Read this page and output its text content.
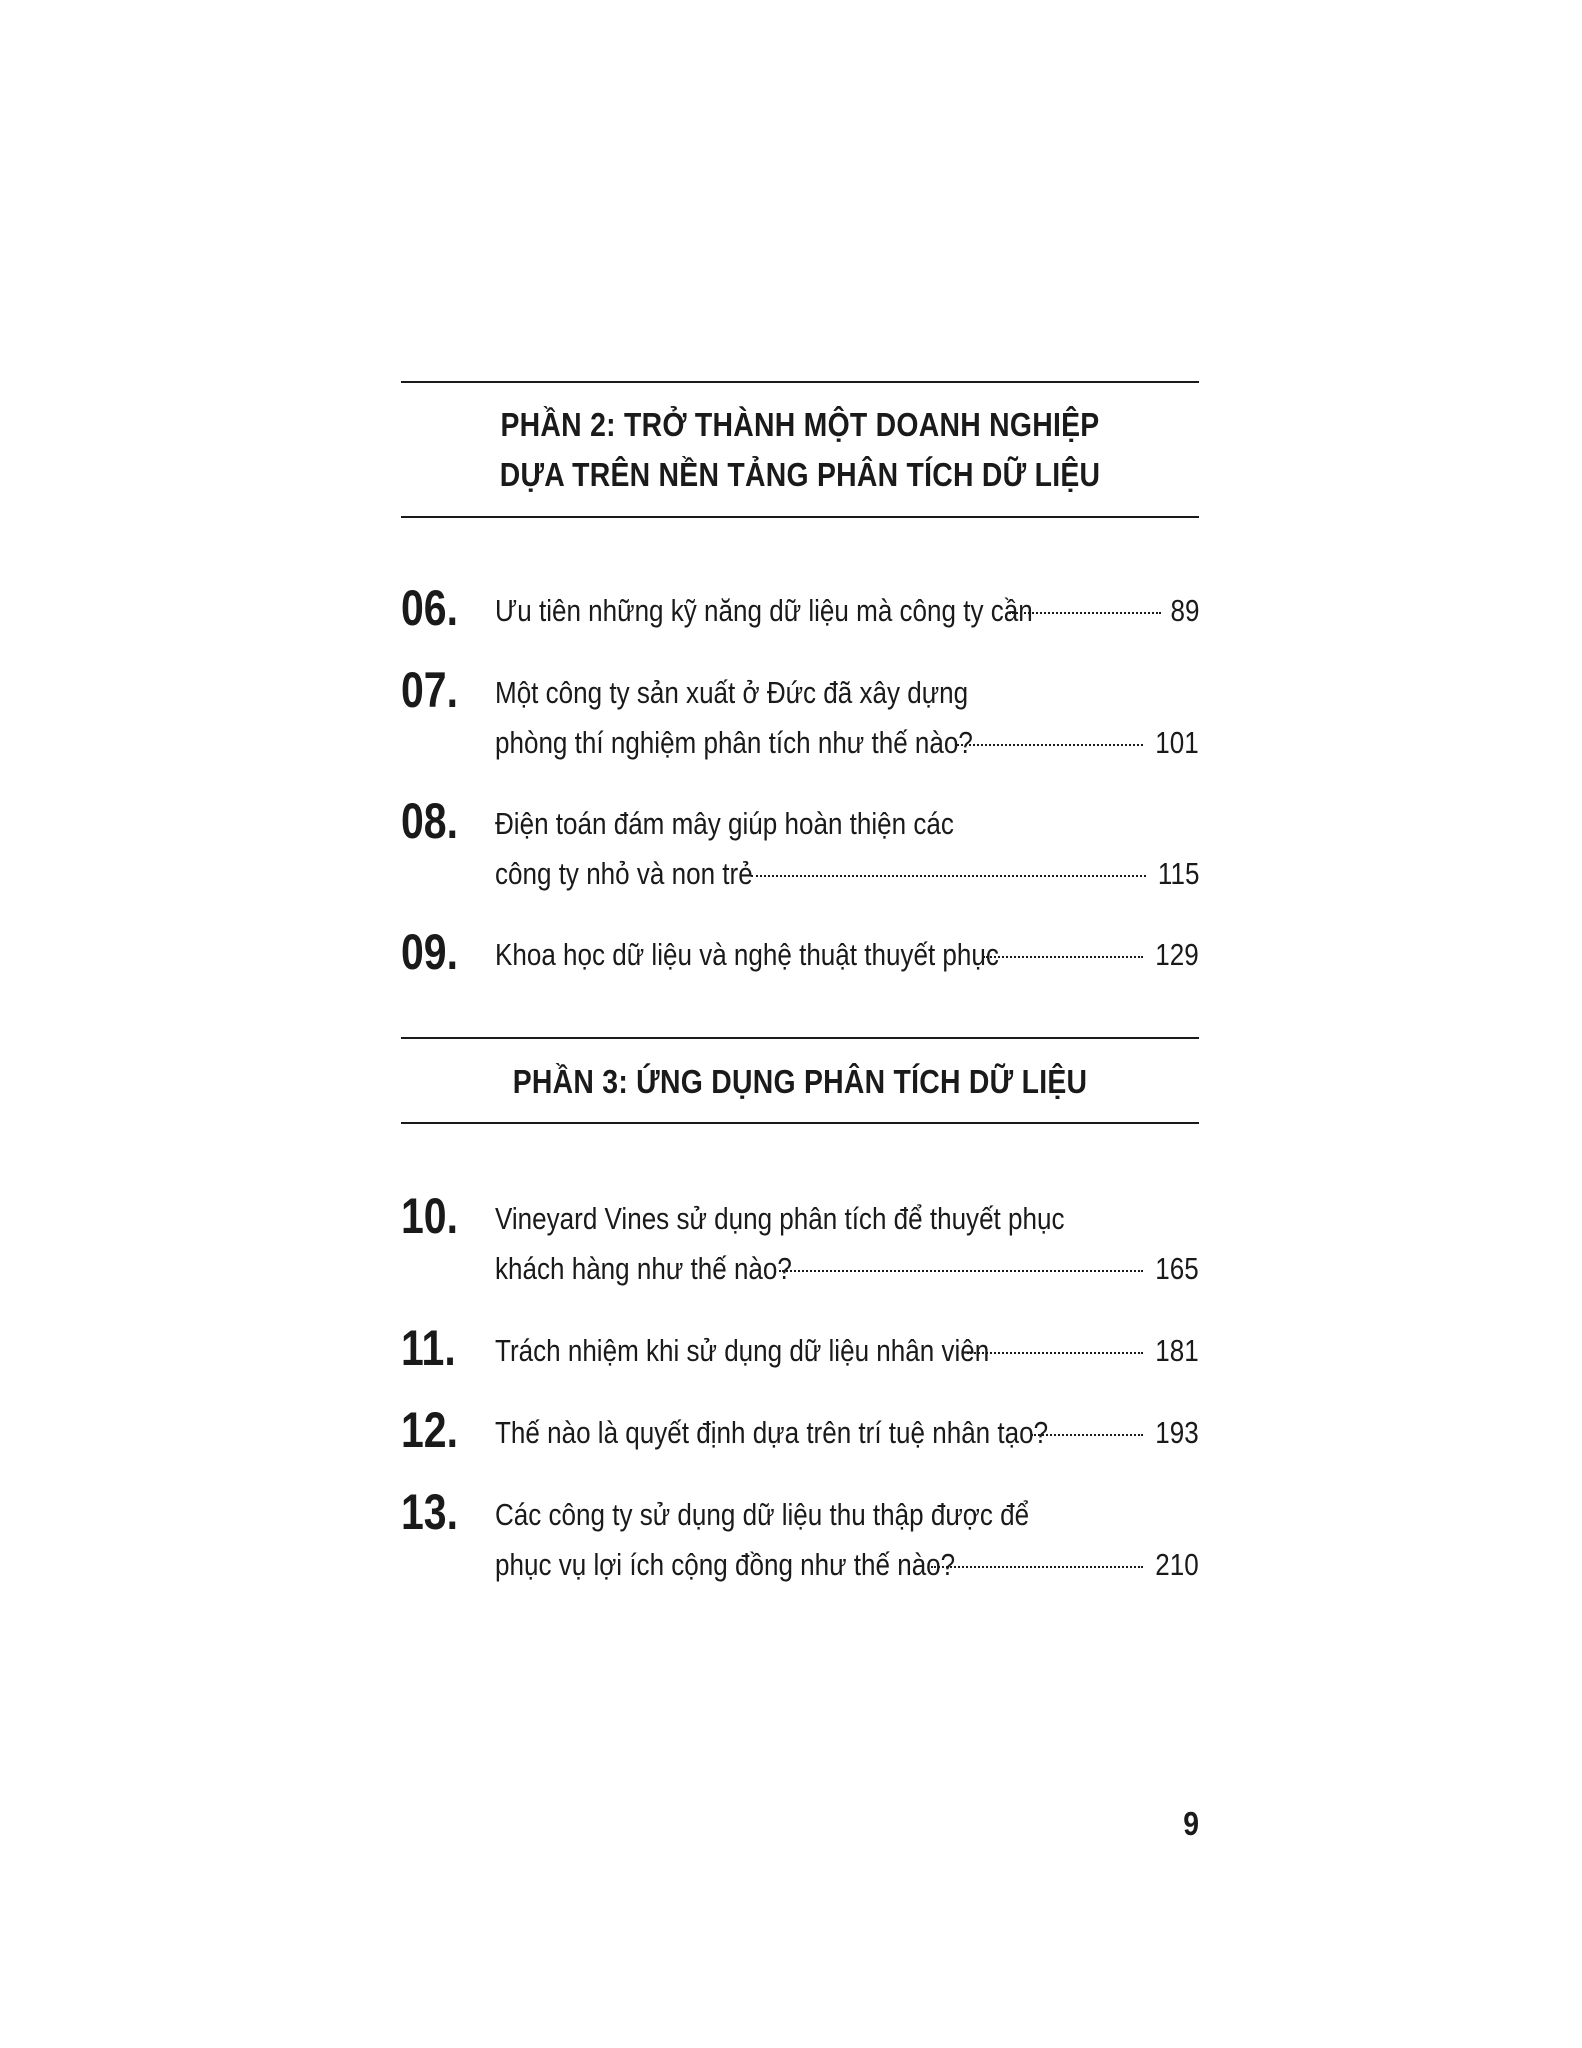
PHẦN 2: TRỞ THÀNH MỘT DOANH NGHIỆP
DỰA TRÊN NỀN TẢNG PHÂN TÍCH DỮ LIỆU
06. Ưu tiên những kỹ năng dữ liệu mà công ty cần	89
07. Một công ty sản xuất ở Đức đã xây dựng
phòng thí nghiệm phân tích như thế nào?	101
08. Điện toán đám mây giúp hoàn thiện các
công ty nhỏ và non trẻ	115
09. Khoa học dữ liệu và nghệ thuật thuyết phục	129
PHẦN 3: ỨNG DỤNG PHÂN TÍCH DỮ LIỆU
10. Vineyard Vines sử dụng phân tích để thuyết phục
khách hàng như thế nào?	165
11. Trách nhiệm khi sử dụng dữ liệu nhân viên	181
12. Thế nào là quyết định dựa trên trí tuệ nhân tạo?	193
13. Các công ty sử dụng dữ liệu thu thập được để
phục vụ lợi ích cộng đồng như thế nào?	210
9
